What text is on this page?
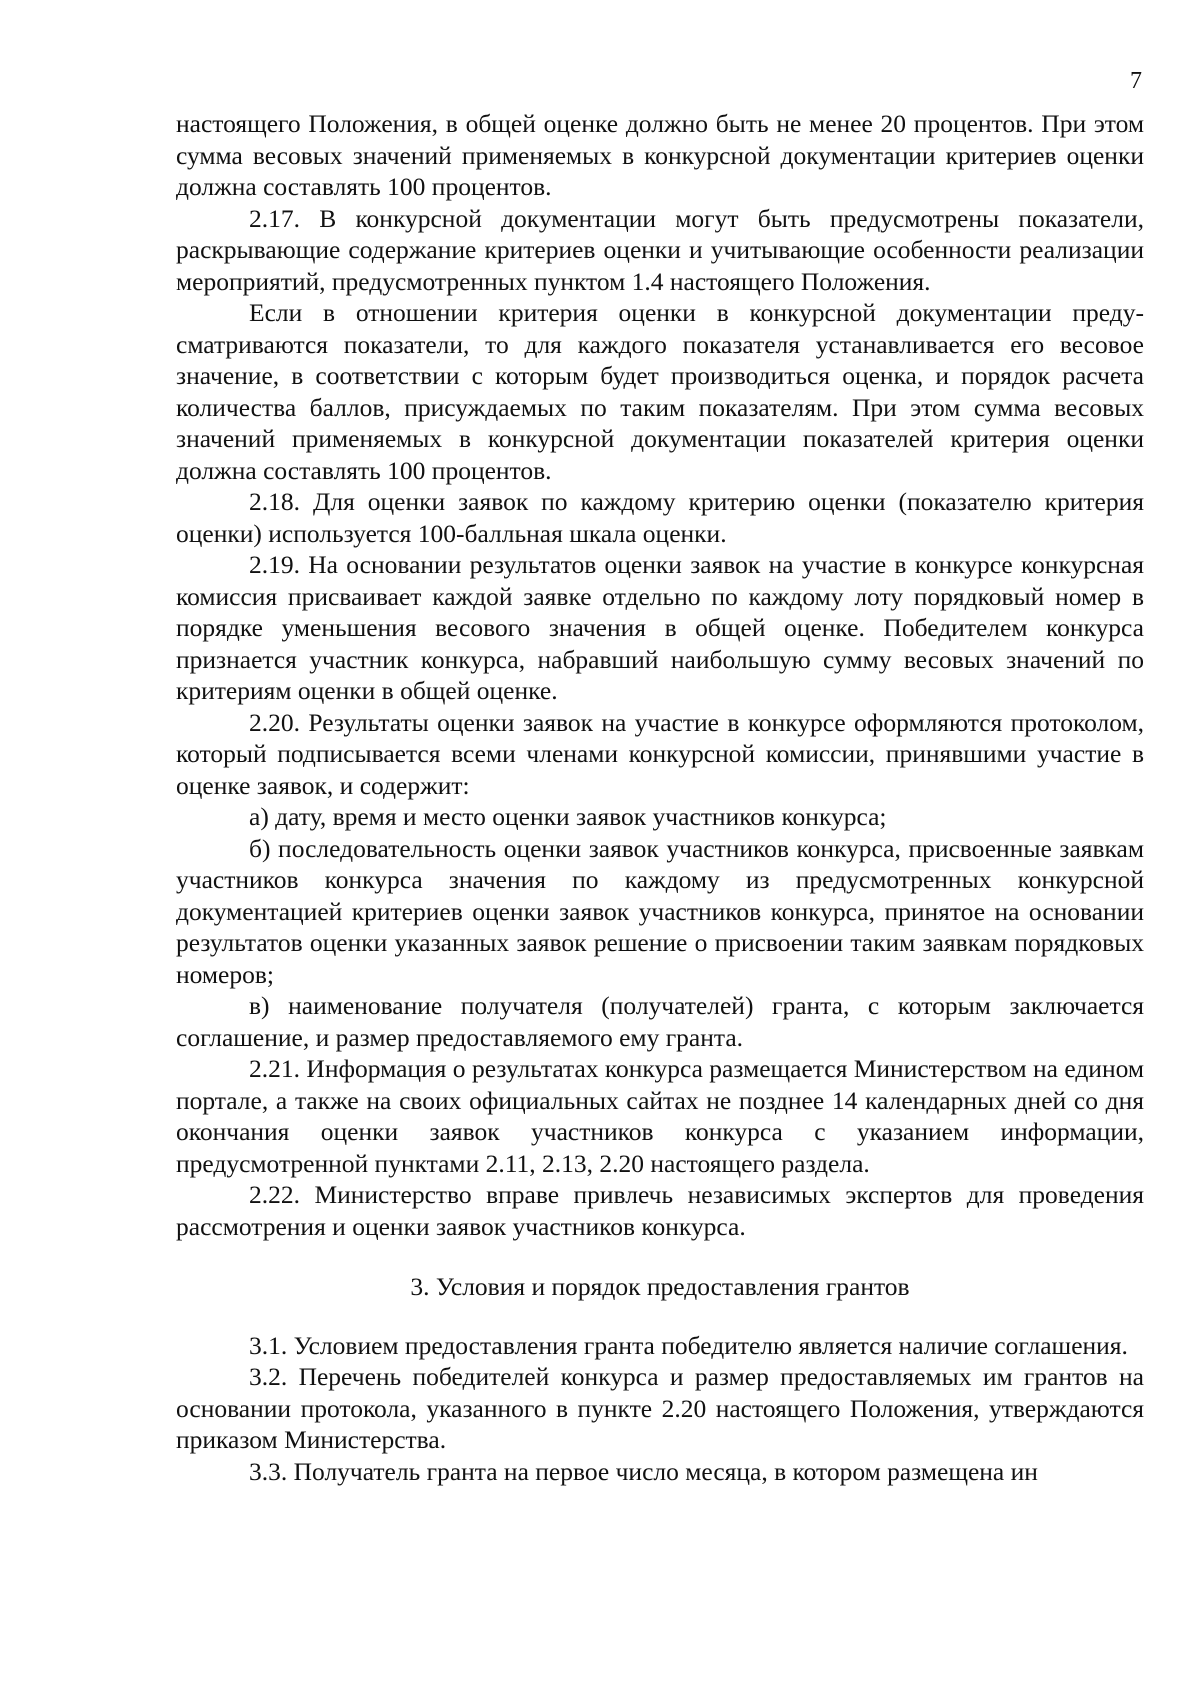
7

настоящего Положения, в общей оценке должно быть не менее 20 процентов. При этом сумма весовых значений применяемых в конкурсной документации критериев оценки должна составлять 100 процентов.

2.17. В конкурсной документации могут быть предусмотрены показатели, раскрывающие содержание критериев оценки и учитывающие особенности реализации мероприятий, предусмотренных пунктом 1.4 настоящего Положения.

Если в отношении критерия оценки в конкурсной документации предусматриваются показатели, то для каждого показателя устанавливается его весовое значение, в соответствии с которым будет производиться оценка, и порядок расчета количества баллов, присуждаемых по таким показателям. При этом сумма весовых значений применяемых в конкурсной документации показателей критерия оценки должна составлять 100 процентов.

2.18. Для оценки заявок по каждому критерию оценки (показателю критерия оценки) используется 100-балльная шкала оценки.

2.19. На основании результатов оценки заявок на участие в конкурсе конкурсная комиссия присваивает каждой заявке отдельно по каждому лоту порядковый номер в порядке уменьшения весового значения в общей оценке. Победителем конкурса признается участник конкурса, набравший наибольшую сумму весовых значений по критериям оценки в общей оценке.

2.20. Результаты оценки заявок на участие в конкурсе оформляются протоколом, который подписывается всеми членами конкурсной комиссии, принявшими участие в оценке заявок, и содержит:

а) дату, время и место оценки заявок участников конкурса;

б) последовательность оценки заявок участников конкурса, присвоенные заявкам участников конкурса значения по каждому из предусмотренных конкурсной документацией критериев оценки заявок участников конкурса, принятое на основании результатов оценки указанных заявок решение о присвоении таким заявкам порядковых номеров;

в) наименование получателя (получателей) гранта, с которым заключается соглашение, и размер предоставляемого ему гранта.

2.21. Информация о результатах конкурса размещается Министерством на едином портале, а также на своих официальных сайтах не позднее 14 календарных дней со дня окончания оценки заявок участников конкурса с указанием информации, предусмотренной пунктами 2.11, 2.13, 2.20 настоящего раздела.

2.22. Министерство вправе привлечь независимых экспертов для проведения рассмотрения и оценки заявок участников конкурса.

3. Условия и порядок предоставления грантов

3.1. Условием предоставления гранта победителю является наличие соглашения.

3.2. Перечень победителей конкурса и размер предоставляемых им грантов на основании протокола, указанного в пункте 2.20 настоящего Положения, утверждаются приказом Министерства.

3.3. Получатель гранта на первое число месяца, в котором размещена ин
